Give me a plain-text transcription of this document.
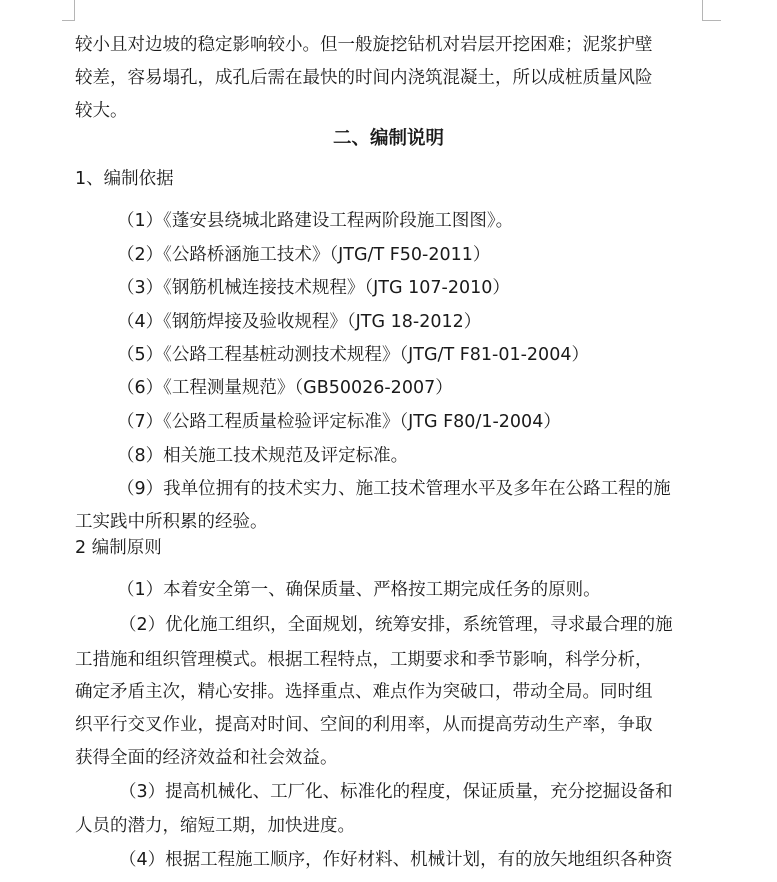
较小且对边坡的稳定影响较小。但一般旋挖钻机对岩层开挖困难；泥浆护壁
较差，容易塌孔，成孔后需在最快的时间内浇筑混凝土，所以成桩质量风险
较大。
二、编制说明
1、编制依据
（1）《蓬安县绕城北路建设工程两阶段施工图图》。
（2）《公路桥涵施工技术》（JTG/T F50-2011）
（3）《钢筋机械连接技术规程》（JTG 107-2010）
（4）《钢筋焊接及验收规程》（JTG 18-2012）
（5）《公路工程基桩动测技术规程》（JTG/T F81-01-2004）
（6）《工程测量规范》（GB50026-2007）
（7）《公路工程质量检验评定标准》（JTG F80/1-2004）
（8）相关施工技术规范及评定标准。
（9）我单位拥有的技术实力、施工技术管理水平及多年在公路工程的施
工实践中所积累的经验。
2 编制原则
（1）本着安全第一、确保质量、严格按工期完成任务的原则。
（2）优化施工组织，全面规划，统筹安排，系统管理，寻求最合理的施
工措施和组织管理模式。根据工程特点，工期要求和季节影响，科学分析，
确定矛盾主次，精心安排。选择重点、难点作为突破口，带动全局。同时组
织平行交叉作业，提高对时间、空间的利用率，从而提高劳动生产率，争取
获得全面的经济效益和社会效益。
（3）提高机械化、工厂化、标准化的程度，保证质量，充分挖掘设备和
人员的潜力，缩短工期，加快进度。
（4）根据工程施工顺序，作好材料、机械计划，有的放矢地组织各种资
